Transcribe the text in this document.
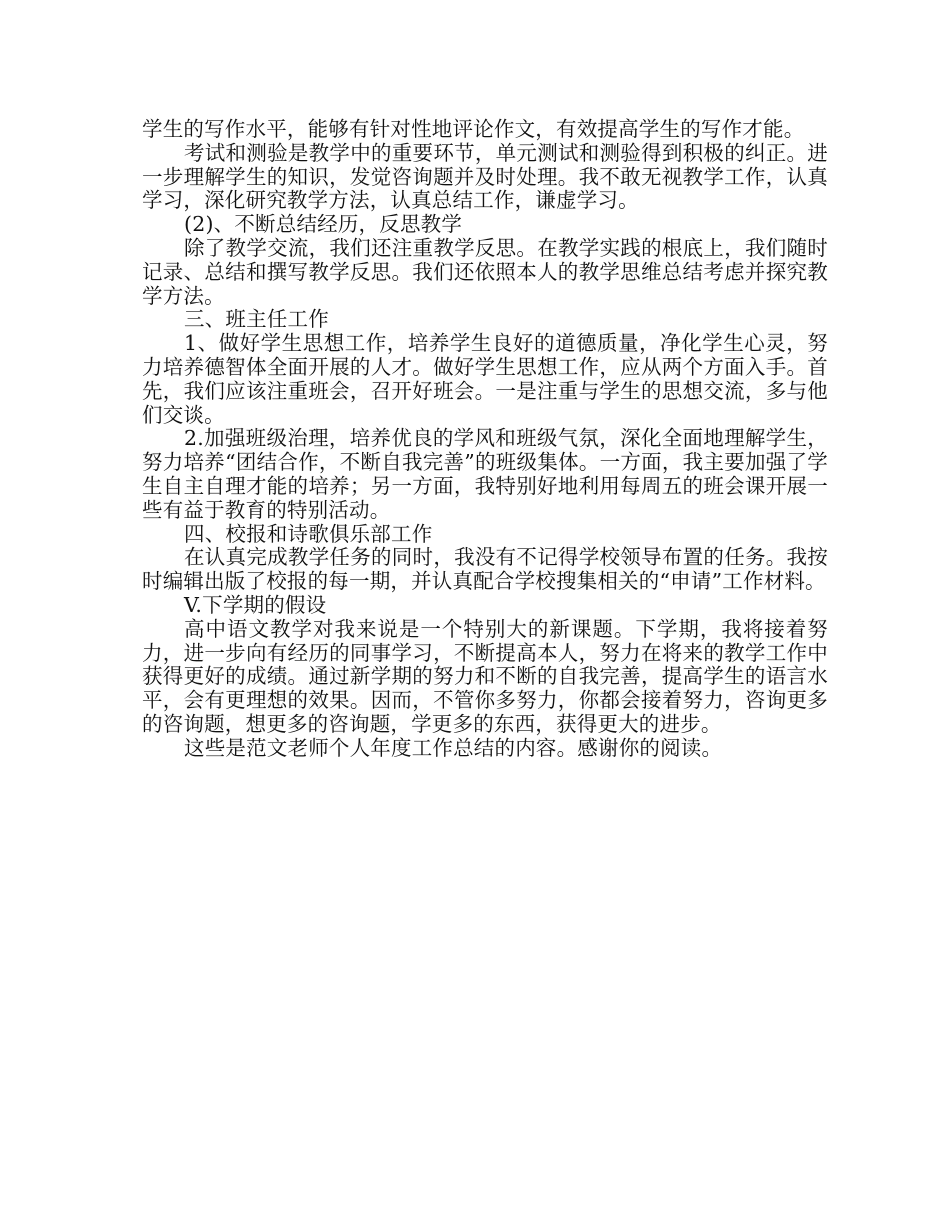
学生的写作水平，能够有针对性地评论作文，有效提高学生的写作才能。

考试和测验是教学中的重要环节，单元测试和测验得到积极的纠正。进一步理解学生的知识，发觉咨询题并及时处理。我不敢无视教学工作，认真学习，深化研究教学方法，认真总结工作，谦虚学习。

(2)、不断总结经历，反思教学

除了教学交流，我们还注重教学反思。在教学实践的根底上，我们随时记录、总结和撰写教学反思。我们还依照本人的教学思维总结考虑并探究教学方法。

三、班主任工作

1、做好学生思想工作，培养学生良好的道德质量，净化学生心灵，努力培养德智体全面开展的人才。做好学生思想工作，应从两个方面入手。首先，我们应该注重班会，召开好班会。一是注重与学生的思想交流，多与他们交谈。

2.加强班级治理，培养优良的学风和班级气氛，深化全面地理解学生，努力培养“团结合作，不断自我完善”的班级集体。一方面，我主要加强了学生自主自理才能的培养；另一方面，我特别好地利用每周五的班会课开展一些有益于教育的特别活动。

四、校报和诗歌俱乐部工作

在认真完成教学任务的同时，我没有不记得学校领导布置的任务。我按时编辑出版了校报的每一期，并认真配合学校搜集相关的“申请”工作材料。

V.下学期的假设

高中语文教学对我来说是一个特别大的新课题。下学期，我将接着努力，进一步向有经历的同事学习，不断提高本人，努力在将来的教学工作中获得更好的成绩。通过新学期的努力和不断的自我完善，提高学生的语言水平，会有更理想的效果。因而，不管你多努力，你都会接着努力，咨询更多的咨询题，想更多的咨询题，学更多的东西，获得更大的进步。

这些是范文老师个人年度工作总结的内容。感谢你的阅读。
